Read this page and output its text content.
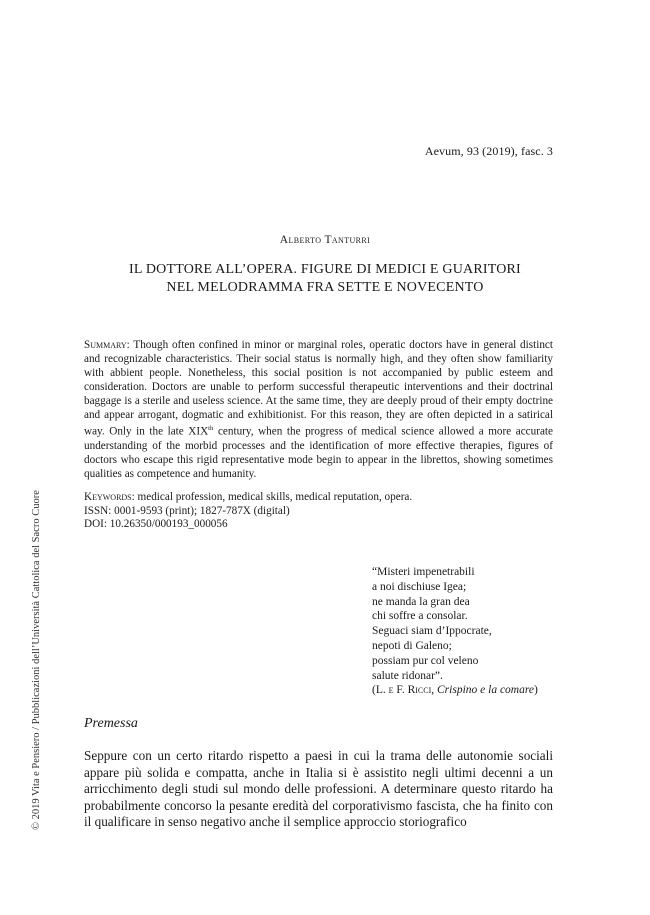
Aevum, 93 (2019), fasc. 3
Alberto Tanturri
IL DOTTORE ALL’OPERA. FIGURE DI MEDICI E GUARITORI
NEL MELODRAMMA FRA SETTE E NOVECENTO
Summary: Though often confined in minor or marginal roles, operatic doctors have in general distinct and recognizable characteristics. Their social status is normally high, and they often show familiarity with abbient people. Nonetheless, this social position is not accompanied by public esteem and consideration. Doctors are unable to perform successful therapeutic interventions and their doctrinal baggage is a sterile and useless science. At the same time, they are deeply proud of their empty doctrine and appear arrogant, dogmatic and exhibitionist. For this reason, they are often depicted in a satirical way. Only in the late XIXth century, when the progress of medical science allowed a more accurate understanding of the morbid processes and the identification of more effective therapies, figures of doctors who escape this rigid representative mode begin to appear in the librettos, showing sometimes qualities as competence and humanity.
Keywords: medical profession, medical skills, medical reputation, opera.
ISSN: 0001-9593 (print); 1827-787X (digital)
DOI: 10.26350/000193_000056
“Misteri impenetrabili
a noi dischiuse Igea;
ne manda la gran dea
chi soffre a consolar.
Seguaci siam d’Ippocrate,
nepoti di Galeno;
possiam pur col veleno
salute ridonar”.
(L. e F. Ricci, Crispino e la comare)
Premessa
Seppure con un certo ritardo rispetto a paesi in cui la trama delle autonomie sociali appare più solida e compatta, anche in Italia si è assistito negli ultimi decenni a un arricchimento degli studi sul mondo delle professioni. A determinare questo ritardo ha probabilmente concorso la pesante eredità del corporativismo fascista, che ha finito con il qualificare in senso negativo anche il semplice approccio storiografico
© 2019 Vita e Pensiero / Pubblicazioni dell’Università Cattolica del Sacro Cuore
